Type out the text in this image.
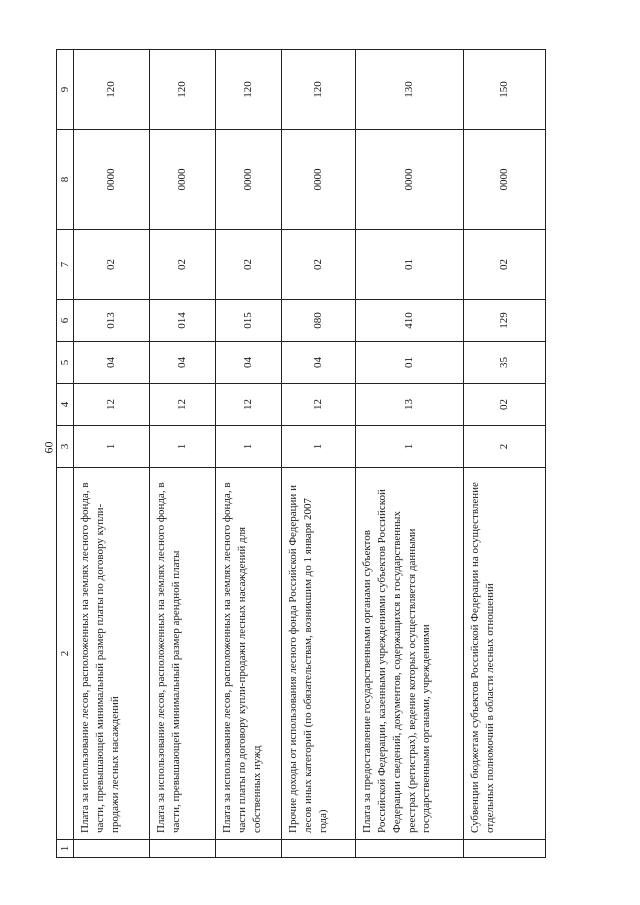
60
1	2	3	4	5	6	7	8	9
	Плата за использование лесов, расположенных на землях лесного фонда, в части, превышающей минимальный размер платы по договору купли-продажи лесных насаждений	1	12	04	013	02	0000	120
	Плата за использование лесов, расположенных на землях лесного фонда, в части, превышающей минимальный размер арендной платы	1	12	04	014	02	0000	120
	Плата за использование лесов, расположенных на землях лесного фонда, в части платы по договору купли-продажи лесных насаждений для собственных нужд	1	12	04	015	02	0000	120
	Прочие доходы от использования лесного фонда Российской Федерации и лесов иных категорий (по обязательствам, возникшим до 1 января 2007 года)	1	12	04	080	02	0000	120
	Плата за предоставление государственными органами субъектов Российской Федерации, казенными учреждениями субъектов Российской Федерации сведений, документов, содержащихся в государственных реестрах (регистрах), ведение которых осуществляется данными государственными органами, учреждениями	1	13	01	410	01	0000	130
	Субвенции бюджетам субъектов Российской Федерации на осуществление отдельных полномочий в области лесных отношений	2	02	35	129	02	0000	150
